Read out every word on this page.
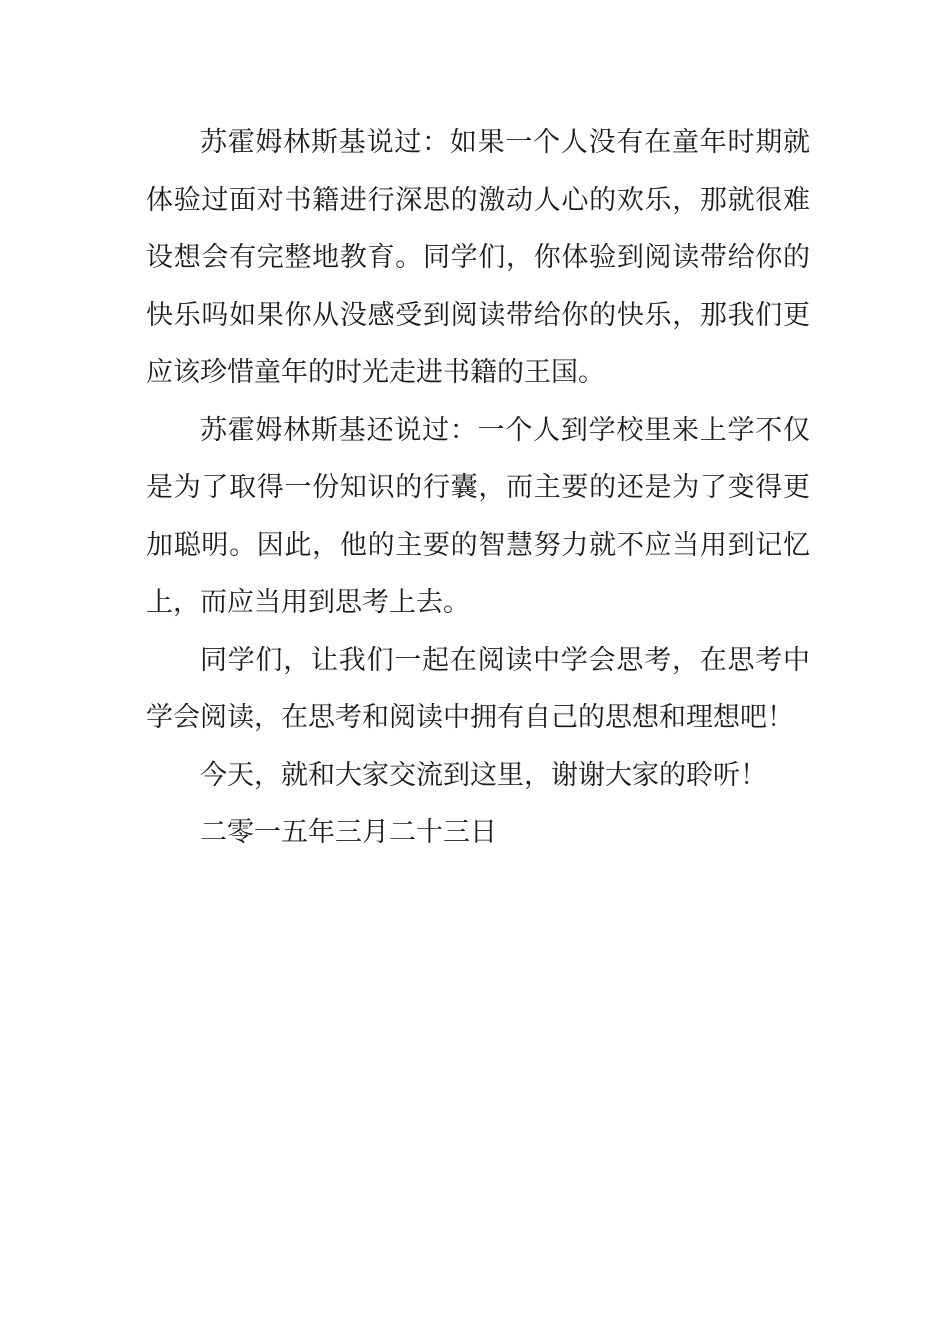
苏霍姆林斯基说过：如果一个人没有在童年时期就体验过面对书籍进行深思的激动人心的欢乐，那就很难设想会有完整地教育。同学们，你体验到阅读带给你的快乐吗如果你从没感受到阅读带给你的快乐，那我们更应该珍惜童年的时光走进书籍的王国。

苏霍姆林斯基还说过：一个人到学校里来上学不仅是为了取得一份知识的行囊，而主要的还是为了变得更加聪明。因此，他的主要的智慧努力就不应当用到记忆上，而应当用到思考上去。

同学们，让我们一起在阅读中学会思考，在思考中学会阅读，在思考和阅读中拥有自己的思想和理想吧！

今天，就和大家交流到这里，谢谢大家的聆听！

二零一五年三月二十三日
